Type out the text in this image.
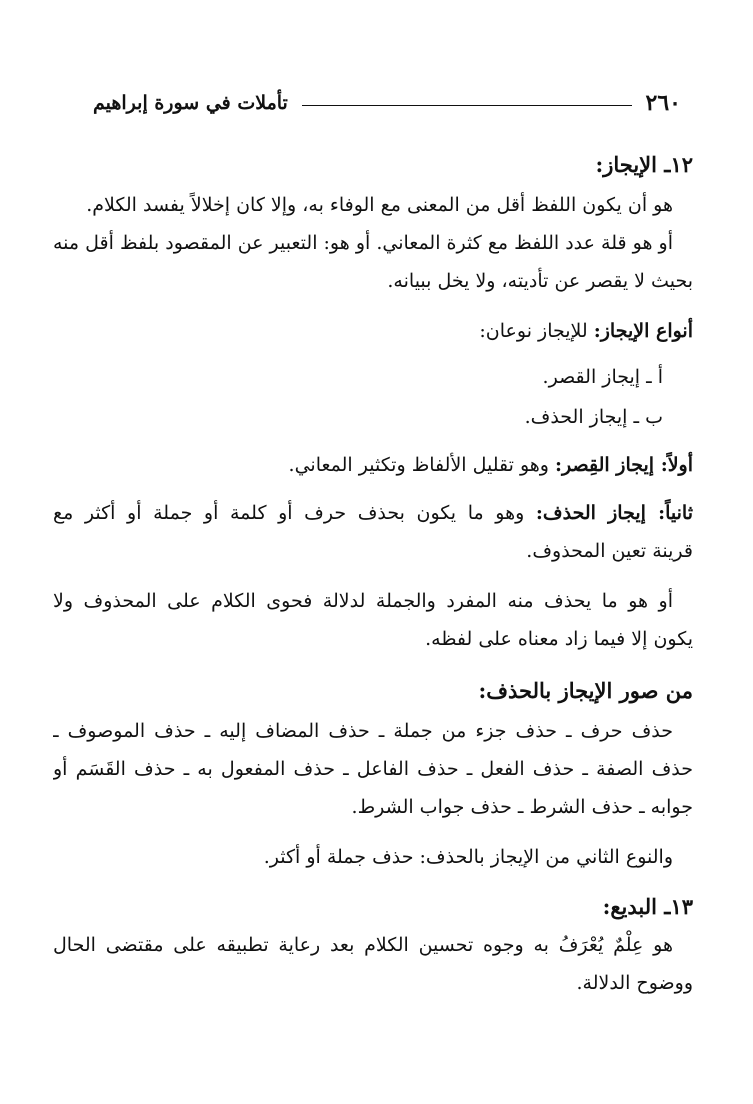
٢٦٠
تأملات في سورة إبراهيم
١٢ـ الإيجاز:
هو أن يكون اللفظ أقل من المعنى مع الوفاء به، وإلا كان إخلالاً يفسد الكلام.
أو هو قلة عدد اللفظ مع كثرة المعاني. أو هو: التعبير عن المقصود بلفظ أقل منه
بحيث لا يقصر عن تأديته، ولا يخل ببيانه.
أنواع الإيجاز: للإيجاز نوعان:
أ ـ إيجاز القصر.
ب ـ إيجاز الحذف.
أولاً: إيجاز القِصر: وهو تقليل الألفاظ وتكثير المعاني.
ثانياً: إيجاز الحذف: وهو ما يكون بحذف حرف أو كلمة أو جملة أو أكثر مع
قرينة تعين المحذوف.
أو هو ما يحذف منه المفرد والجملة لدلالة فحوى الكلام على المحذوف ولا
يكون إلا فيما زاد معناه على لفظه.
من صور الإيجاز بالحذف:
حذف حرف ـ حذف جزء من جملة ـ حذف المضاف إليه ـ حذف الموصوف ـ
حذف الصفة ـ حذف الفعل ـ حذف الفاعل ـ حذف المفعول به ـ حذف القَسَم أو
جوابه ـ حذف الشرط ـ حذف جواب الشرط.
والنوع الثاني من الإيجاز بالحذف: حذف جملة أو أكثر.
١٣ـ البديع:
هو عِلْمٌ يُعْرَفُ به وجوه تحسين الكلام بعد رعاية تطبيقه على مقتضى الحال
ووضوح الدلالة.
